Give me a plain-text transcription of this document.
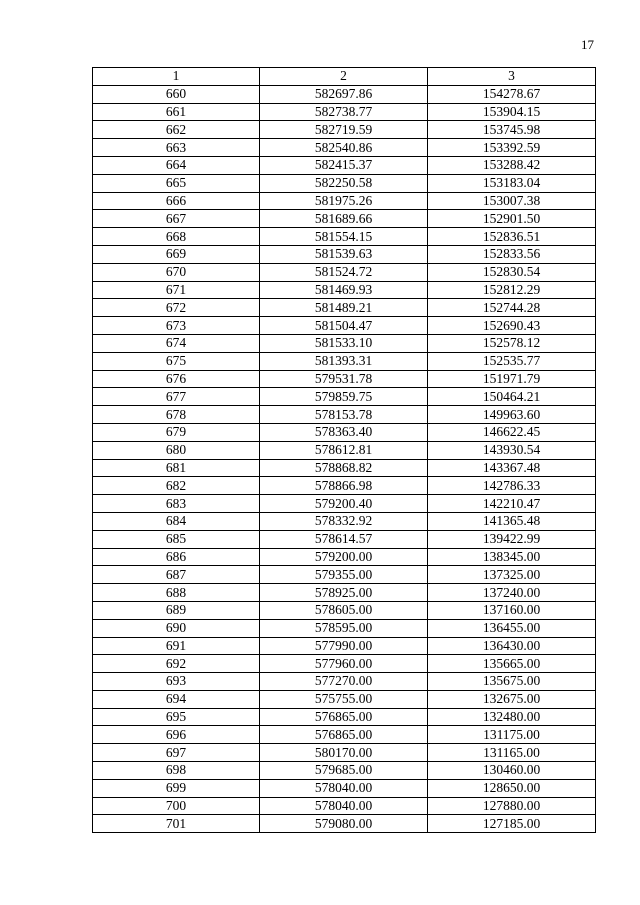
17
1	2	3
660	582697.86	154278.67
661	582738.77	153904.15
662	582719.59	153745.98
663	582540.86	153392.59
664	582415.37	153288.42
665	582250.58	153183.04
666	581975.26	153007.38
667	581689.66	152901.50
668	581554.15	152836.51
669	581539.63	152833.56
670	581524.72	152830.54
671	581469.93	152812.29
672	581489.21	152744.28
673	581504.47	152690.43
674	581533.10	152578.12
675	581393.31	152535.77
676	579531.78	151971.79
677	579859.75	150464.21
678	578153.78	149963.60
679	578363.40	146622.45
680	578612.81	143930.54
681	578868.82	143367.48
682	578866.98	142786.33
683	579200.40	142210.47
684	578332.92	141365.48
685	578614.57	139422.99
686	579200.00	138345.00
687	579355.00	137325.00
688	578925.00	137240.00
689	578605.00	137160.00
690	578595.00	136455.00
691	577990.00	136430.00
692	577960.00	135665.00
693	577270.00	135675.00
694	575755.00	132675.00
695	576865.00	132480.00
696	576865.00	131175.00
697	580170.00	131165.00
698	579685.00	130460.00
699	578040.00	128650.00
700	578040.00	127880.00
701	579080.00	127185.00
